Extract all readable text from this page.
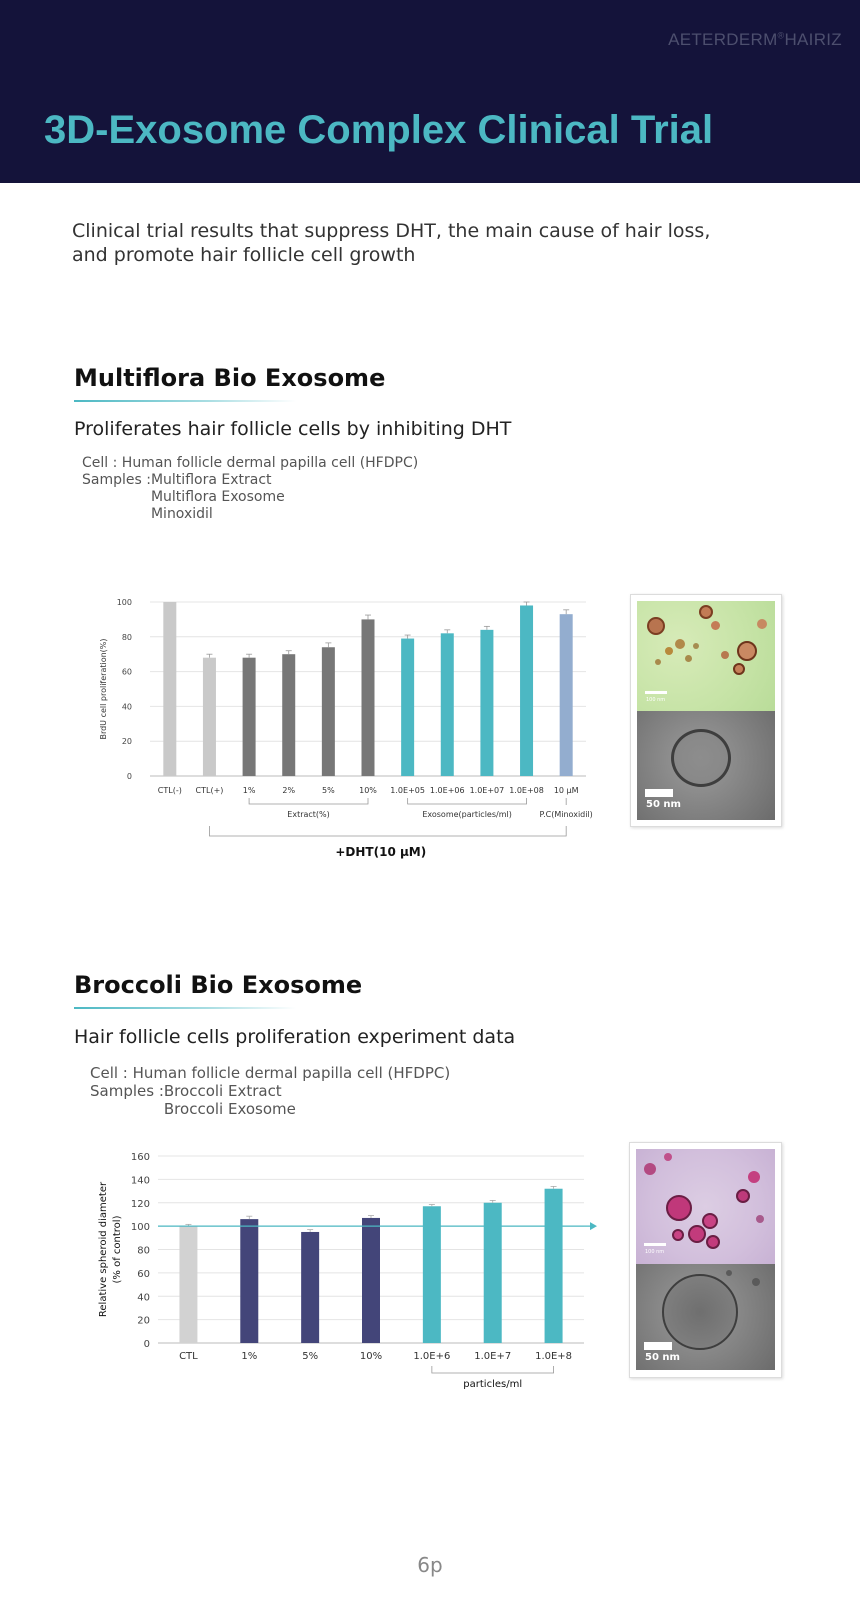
AETERDERM®HAIRIZ
3D-Exosome Complex Clinical Trial
Clinical trial results that suppress DHT, the main cause of hair loss,
and promote hair follicle cell growth
Multiflora Bio Exosome
Proliferates hair follicle cells by inhibiting DHT
Cell : Human follicle dermal papilla cell (HFDPC)
Samples : Multiflora Extract
Multiflora Exosome
Minoxidil
0
20
40
60
80
100
BrdU cell proliferation(%)
CTL(-) CTL(+) 1%	2%	5%	10% 1.0E+05 1.0E+06 1.0E+07 1.0E+08 10 μM
Extract(%)	Exosome(particles/ml)	P.C(Minoxidil)
+DHT(10 μM)
100 nm
50 nm
Broccoli Bio Exosome
Hair follicle cells proliferation experiment data
Cell : Human follicle dermal papilla cell (HFDPC)
Samples : Broccoli Extract
Broccoli Exosome
0
20
40
60
80
100
120
140
160
Relative spheroid diameter (% of control)
CTL	1%	5%	10%	1.0E+6 1.0E+7 1.0E+8
particles/ml
100 nm
50 nm
6p
